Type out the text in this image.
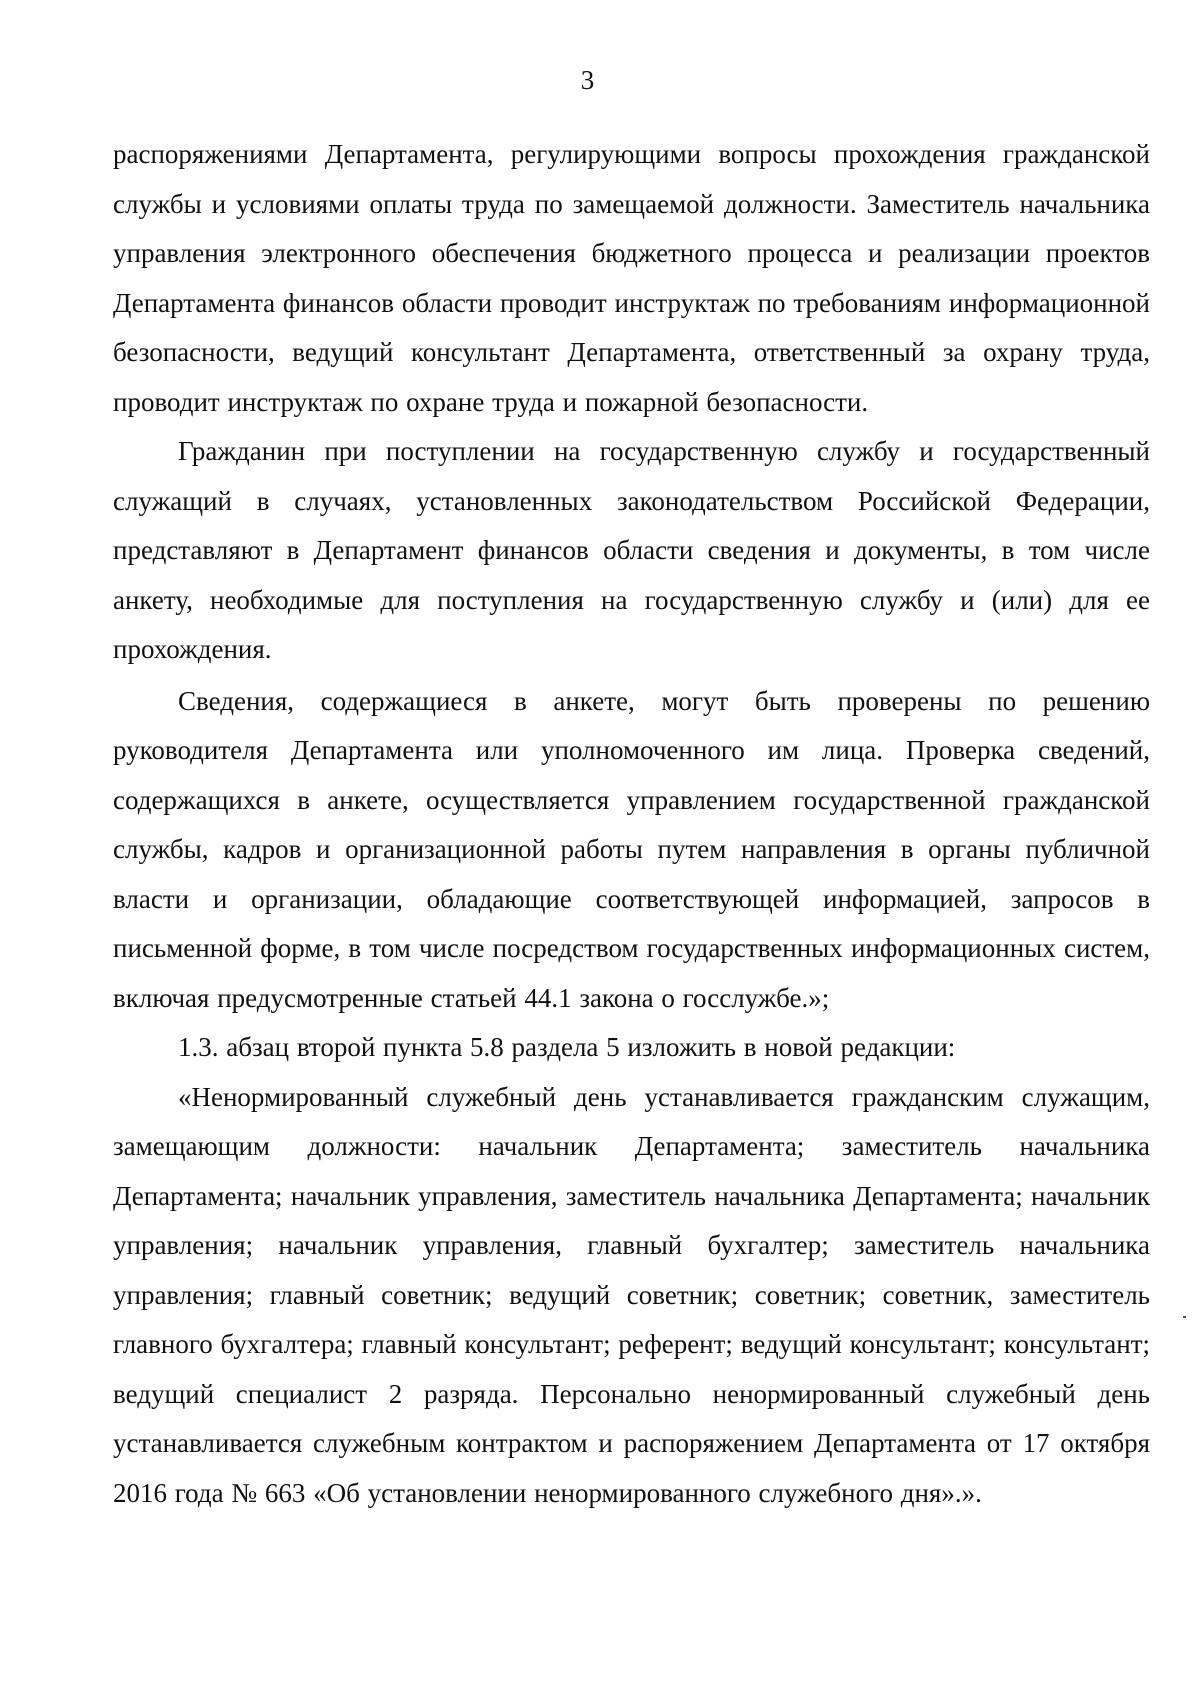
3

распоряжениями Департамента, регулирующими вопросы прохождения гражданской службы и условиями оплаты труда по замещаемой должности. Заместитель начальника управления электронного обеспечения бюджетного процесса и реализации проектов Департамента финансов области проводит инструктаж по требованиям информационной безопасности, ведущий консультант Департамента, ответственный за охрану труда, проводит инструктаж по охране труда и пожарной безопасности.

Гражданин при поступлении на государственную службу и государственный служащий в случаях, установленных законодательством Российской Федерации, представляют в Департамент финансов области сведения и документы, в том числе анкету, необходимые для поступления на государственную службу и (или) для ее прохождения.

Сведения, содержащиеся в анкете, могут быть проверены по решению руководителя Департамента или уполномоченного им лица. Проверка сведений, содержащихся в анкете, осуществляется управлением государственной гражданской службы, кадров и организационной работы путем направления в органы публичной власти и организации, обладающие соответствующей информацией, запросов в письменной форме, в том числе посредством государственных информационных систем, включая предусмотренные статьей 44.1 закона о госслужбе.»;

1.3. абзац второй пункта 5.8 раздела 5 изложить в новой редакции:

«Ненормированный служебный день устанавливается гражданским служащим, замещающим должности: начальник Департамента; заместитель начальника Департамента; начальник управления, заместитель начальника Департамента; начальник управления; начальник управления, главный бухгалтер; заместитель начальника управления; главный советник; ведущий советник; советник; советник, заместитель главного бухгалтера; главный консультант; референт; ведущий консультант; консультант; ведущий специалист 2 разряда. Персонально ненормированный служебный день устанавливается служебным контрактом и распоряжением Департамента от 17 октября 2016 года № 663 «Об установлении ненормированного служебного дня».».
